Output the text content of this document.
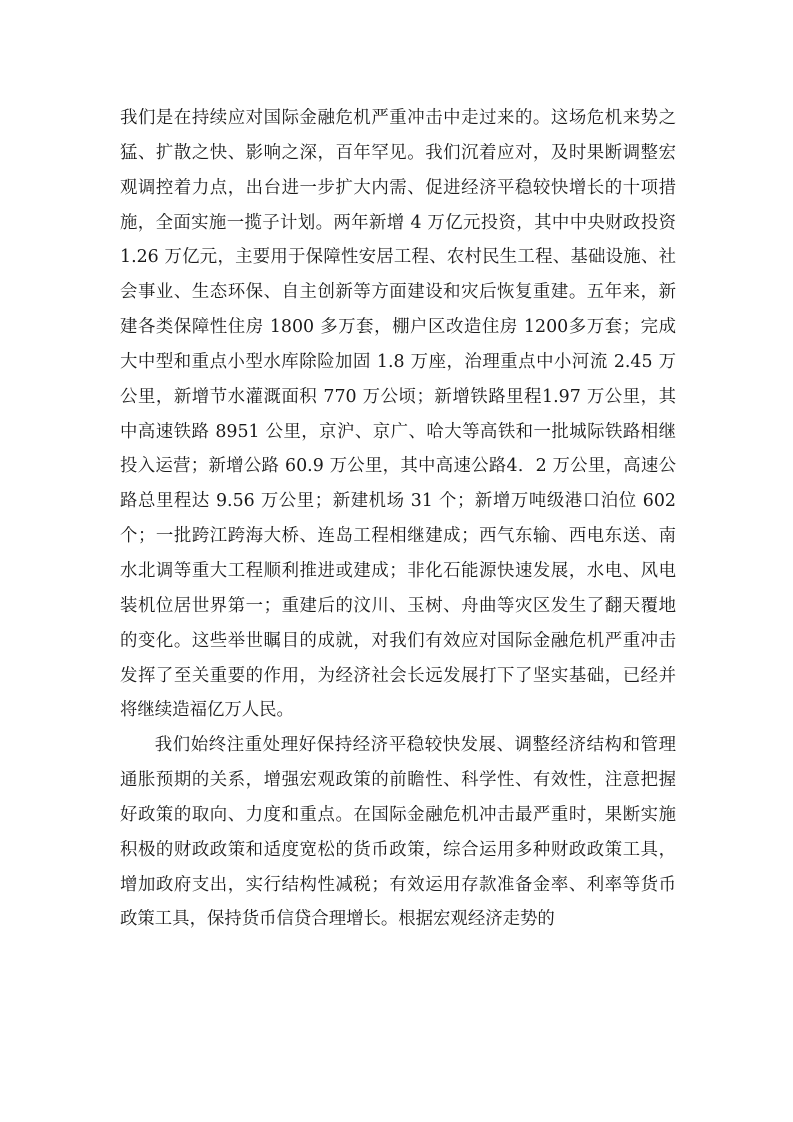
我们是在持续应对国际金融危机严重冲击中走过来的。这场危机来势之猛、扩散之快、影响之深，百年罕见。我们沉着应对，及时果断调整宏观调控着力点，出台进一步扩大内需、促进经济平稳较快增长的十项措施，全面实施一揽子计划。两年新增 4 万亿元投资，其中中央财政投资 1.26 万亿元，主要用于保障性安居工程、农村民生工程、基础设施、社会事业、生态环保、自主创新等方面建设和灾后恢复重建。五年来，新建各类保障性住房 1800 多万套，棚户区改造住房 1200多万套；完成大中型和重点小型水库除险加固 1.8 万座，治理重点中小河流 2.45 万公里，新增节水灌溉面积 770 万公顷；新增铁路里程1.97 万公里，其中高速铁路 8951 公里，京沪、京广、哈大等高铁和一批城际铁路相继投入运营；新增公路 60.9 万公里，其中高速公路4．2 万公里，高速公路总里程达 9.56 万公里；新建机场 31 个；新增万吨级港口泊位 602 个；一批跨江跨海大桥、连岛工程相继建成；西气东输、西电东送、南水北调等重大工程顺利推进或建成；非化石能源快速发展，水电、风电装机位居世界第一；重建后的汶川、玉树、舟曲等灾区发生了翻天覆地的变化。这些举世瞩目的成就，对我们有效应对国际金融危机严重冲击发挥了至关重要的作用，为经济社会长远发展打下了坚实基础，已经并将继续造福亿万人民。

我们始终注重处理好保持经济平稳较快发展、调整经济结构和管理通胀预期的关系，增强宏观政策的前瞻性、科学性、有效性，注意把握好政策的取向、力度和重点。在国际金融危机冲击最严重时，果断实施积极的财政政策和适度宽松的货币政策，综合运用多种财政政策工具，增加政府支出，实行结构性减税；有效运用存款准备金率、利率等货币政策工具，保持货币信贷合理增长。根据宏观经济走势的
